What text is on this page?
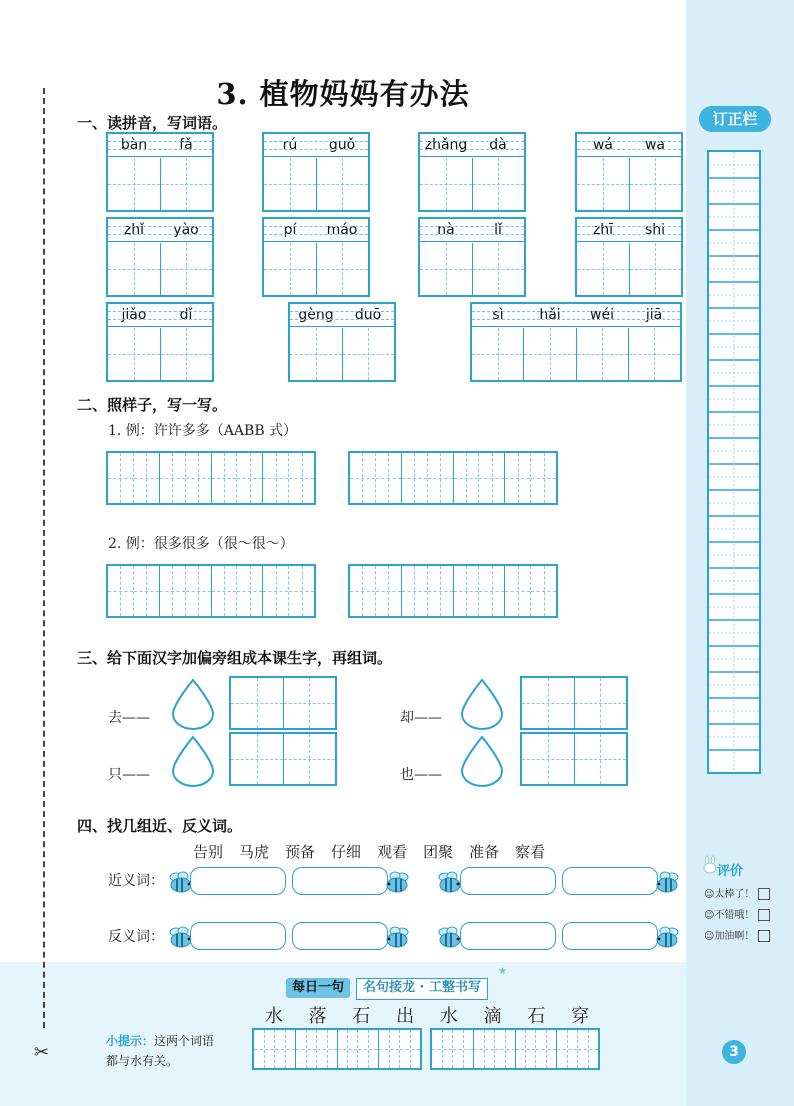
✂
3. 植物妈妈有办法
一、读拼音，写词语。
bàn	fǎ	rú	guǒ	zhǎng	dà	wá	wa
zhǐ	yào	pí	máo	nà	lǐ	zhī	shi
jiǎo	dǐ	gèng	duō	sì	hǎi	wéi	jiā
二、照样子，写一写。
1. 例：许许多多（AABB 式）
2. 例：很多很多（很～很～）
三、给下面汉字加偏旁组成本课生字，再组词。
去——
只——
却——
也——
四、找几组近、反义词。
告别 马虎 预备 仔细 观看 团聚 准备 察看
近义词：
反义词：
订正栏
评价
☺太棒了！
☺不错哦！
☺加油啊！
每日一句	名句接龙 · 工整书写
★
水 落 石 出 水 滴 石 穿
小提示：这两个词语
都与水有关。
3
